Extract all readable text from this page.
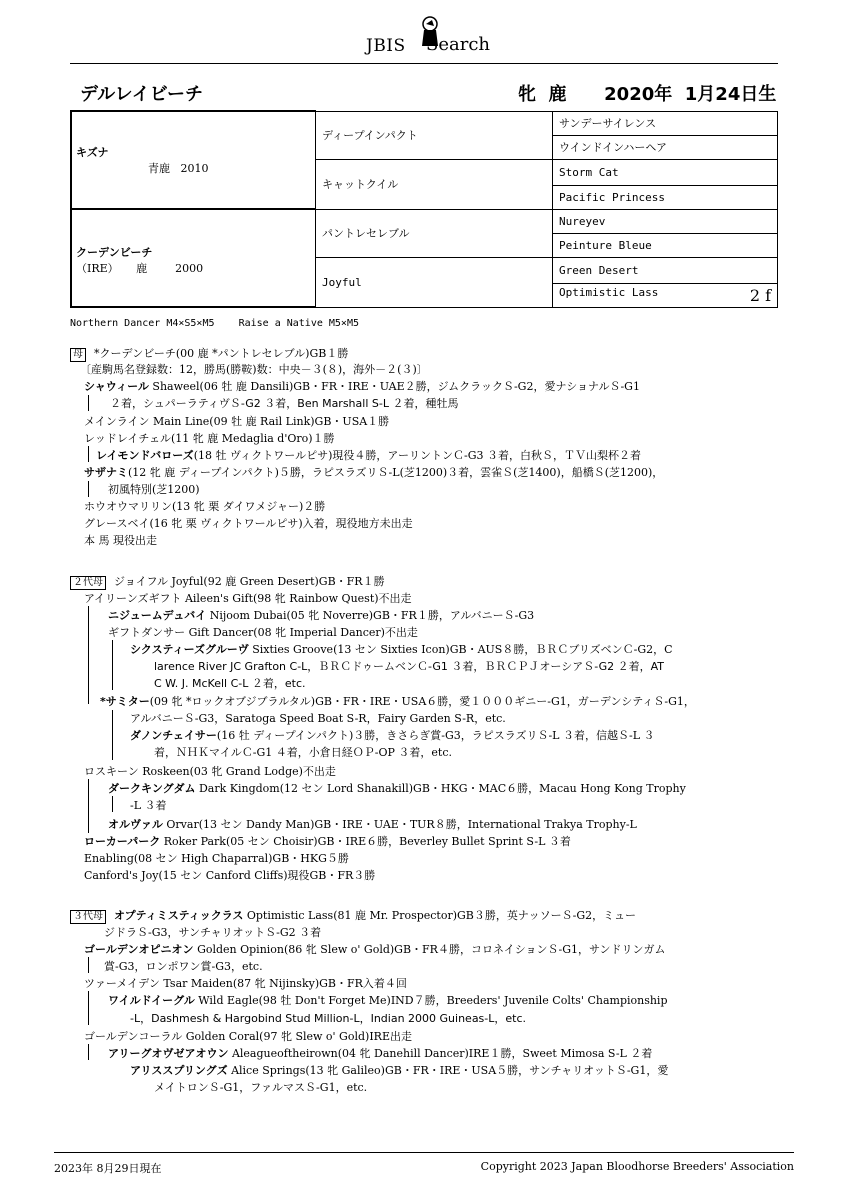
JBIS Search
デルレイビーチ	牝 鹿 2020年  1月24日生
キズナ
青鹿   2010	ディープインパクト	サンデーサイレンス
		ウインドインハーヘア
	キャットクイル	Storm Cat
		Pacific Princess

クーデンビーチ
（IRE）     鹿        2000	パントレセレブル	Nureyev
		Peinture Bleue
	Joyful	Green Desert
		Optimistic Lass 2 f
Northern Dancer M4×S5×M5    Raise a Native M5×M5
母 *クーデンビーチ(00 鹿 *パントレセレブル)GB１勝
〔産駒馬名登録数：12，勝馬(勝鞍)数：中央－３(８)，海外－２(３)〕
シャウィール Shaweel(06 牡 鹿 Dansili)GB・FR・IRE・UAE２勝，ジムクラックＳ-G2，愛ナショナルＳ-G1
２着，シュパーラティヴＳ-G2 ３着，Ben Marshall S-L ２着，種牡馬
メインライン Main Line(09 牡 鹿 Rail Link)GB・USA１勝
レッドレイチェル(11 牝 鹿 Medaglia d'Oro)１勝
レイモンドバローズ(18 牡 ヴィクトワールピサ)現役４勝，アーリントンＣ-G3 ３着，白秋Ｓ，ＴＶ山梨杯２着
サザナミ(12 牝 鹿 ディープインパクト)５勝，ラピスラズリＳ-L(芝1200)３着，雲雀Ｓ(芝1400)，船橋Ｓ(芝1200)，
初風特別(芝1200)
ホウオウマリリン(13 牝 栗 ダイワメジャー)２勝
グレースベイ(16 牝 栗 ヴィクトワールピサ)入着，現役地方未出走
本 馬 現役出走
２代母 ジョイフル Joyful(92 鹿 Green Desert)GB・FR１勝
アイリーンズギフト Aileen's Gift(98 牝 Rainbow Quest)不出走
ニジュームデュバイ Nijoom Dubai(05 牝 Noverre)GB・FR１勝，アルバニーＳ-G3
ギフトダンサー Gift Dancer(08 牝 Imperial Dancer)不出走
シクスティーズグルーヴ Sixties Groove(13 セン Sixties Icon)GB・AUS８勝，ＢＲＣブリズベンＣ-G2，C
larence River JC Grafton C-L，ＢＲＣドゥームベンＣ-G1 ３着，ＢＲＣＰＪオーシアＳ-G2 ２着，AT
C W. J. McKell C-L ２着，etc.
*サミター(09 牝 *ロックオブジブラルタル)GB・FR・IRE・USA６勝，愛１０００ギニー-G1，ガーデンシティＳ-G1，
アルバニーＳ-G3，Saratoga Speed Boat S-R，Fairy Garden S-R，etc.
ダノンチェイサー(16 牡 ディープインパクト)３勝，きさらぎ賞-G3，ラピスラズリＳ-L ３着，信越Ｓ-L ３
着，ＮＨＫマイルＣ-G1 ４着，小倉日経ＯＰ-OP ３着，etc.
ロスキーン Roskeen(03 牝 Grand Lodge)不出走
ダークキングダム Dark Kingdom(12 セン Lord Shanakill)GB・HKG・MAC６勝，Macau Hong Kong Trophy
-L ３着
オルヴァル Orvar(13 セン Dandy Man)GB・IRE・UAE・TUR８勝，International Trakya Trophy-L
ローカーパーク Roker Park(05 セン Choisir)GB・IRE６勝，Beverley Bullet Sprint S-L ３着
Enabling(08 セン High Chaparral)GB・HKG５勝
Canford's Joy(15 セン Canford Cliffs)現役GB・FR３勝
３代母 オプティミスティックラス Optimistic Lass(81 鹿 Mr. Prospector)GB３勝，英ナッソーＳ-G2，ミュー
ジドラＳ-G3，サンチャリオットＳ-G2 ３着
ゴールデンオピニオン Golden Opinion(86 牝 Slew o' Gold)GB・FR４勝，コロネイションＳ-G1，サンドリンガム
賞-G3，ロンポワン賞-G3，etc.
ツァーメイデン Tsar Maiden(87 牝 Nijinsky)GB・FR入着４回
ワイルドイーグル Wild Eagle(98 牡 Don't Forget Me)IND７勝，Breeders' Juvenile Colts' Championship
-L，Dashmesh & Hargobind Stud Million-L，Indian 2000 Guineas-L，etc.
ゴールデンコーラル Golden Coral(97 牝 Slew o' Gold)IRE出走
アリーグオヴゼアオウン Aleagueoftheirown(04 牝 Danehill Dancer)IRE１勝，Sweet Mimosa S-L ２着
アリススプリングズ Alice Springs(13 牝 Galileo)GB・FR・IRE・USA５勝，サンチャリオットＳ-G1，愛
メイトロンＳ-G1，ファルマスＳ-G1，etc.
2023年 8月29日現在	Copyright 2023 Japan Bloodhorse Breeders' Association
